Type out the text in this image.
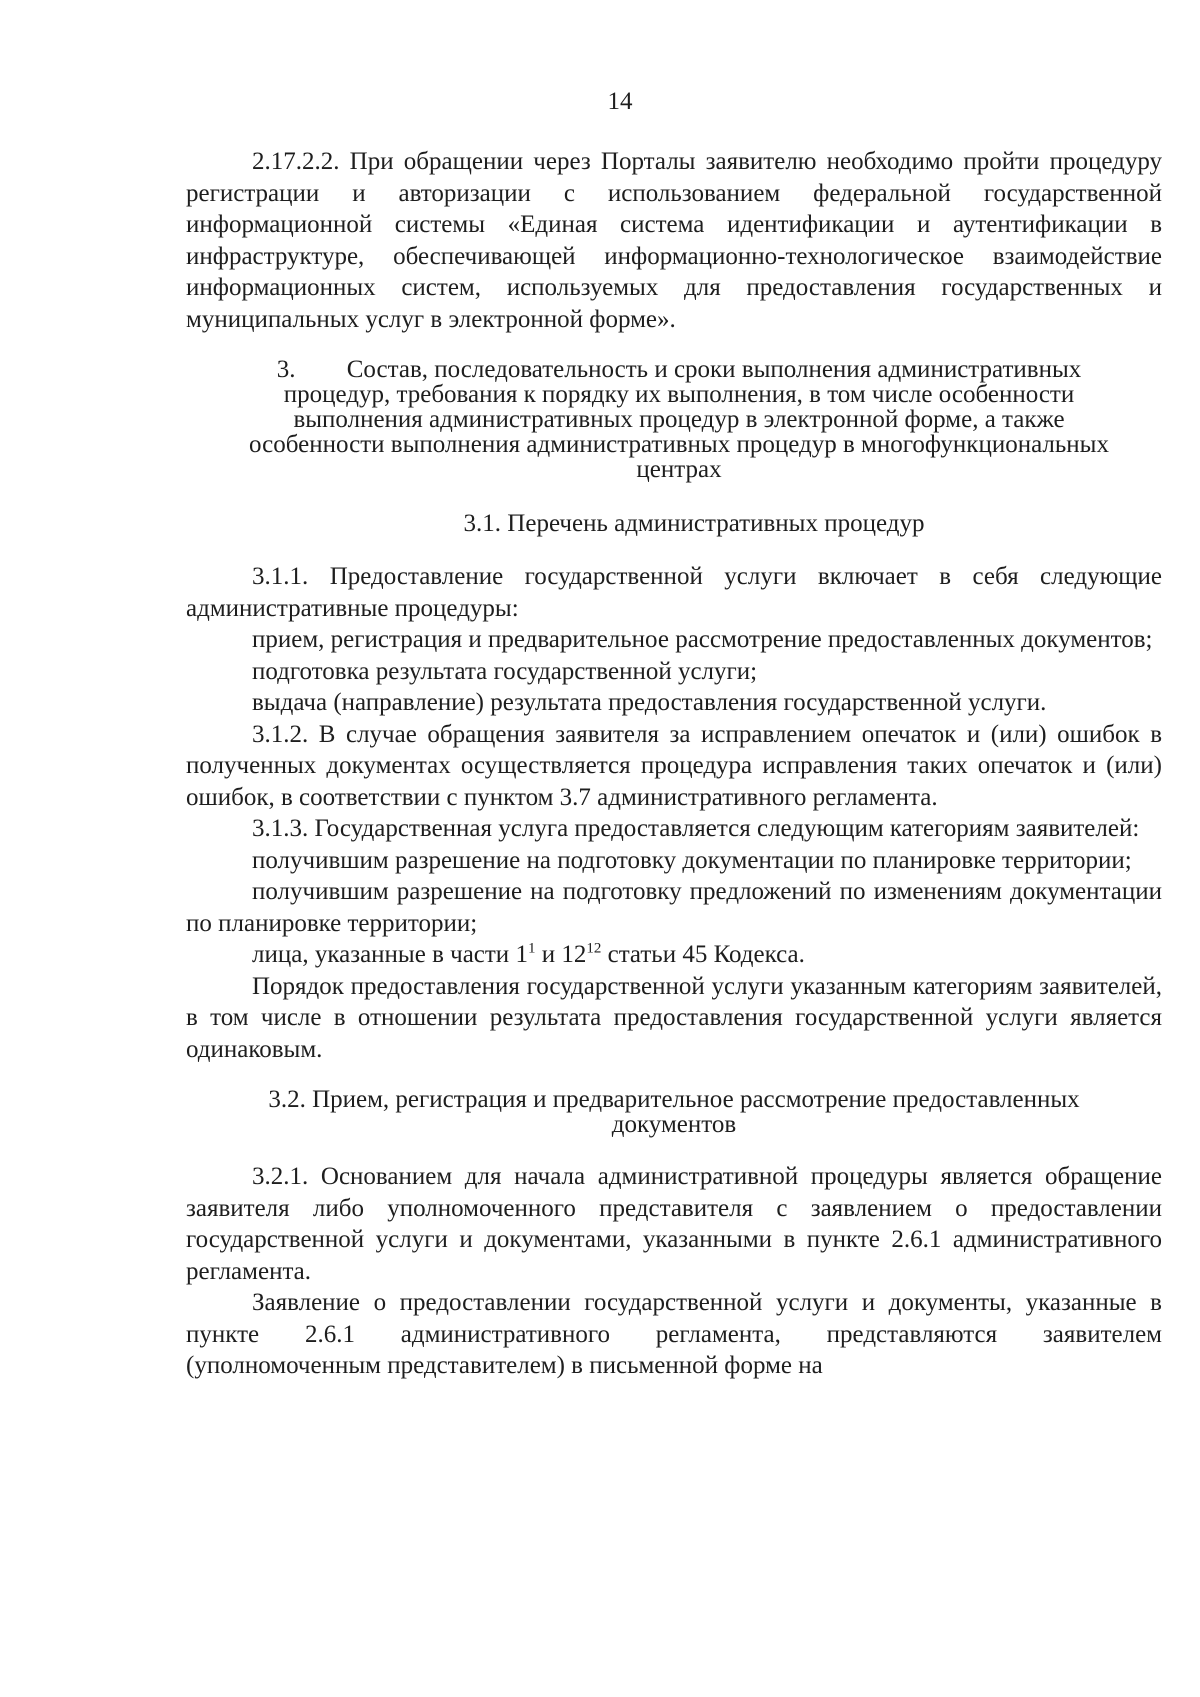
14

2.17.2.2. При обращении через Порталы заявителю необходимо пройти процедуру регистрации и авторизации с использованием федеральной государственной информационной системы «Единая система идентификации и аутентификации в инфраструктуре, обеспечивающей информационно-технологическое взаимодействие информационных систем, используемых для предоставления государственных и муниципальных услуг в электронной форме».

3. Состав, последовательность и сроки выполнения административных процедур, требования к порядку их выполнения, в том числе особенности выполнения административных процедур в электронной форме, а также особенности выполнения административных процедур в многофункциональных центрах
3.1. Перечень административных процедур

3.1.1. Предоставление государственной услуги включает в себя следующие административные процедуры:

прием, регистрация и предварительное рассмотрение предоставленных документов;

подготовка результата государственной услуги;

выдача (направление) результата предоставления государственной услуги.

3.1.2. В случае обращения заявителя за исправлением опечаток и (или) ошибок в полученных документах осуществляется процедура исправления таких опечаток и (или) ошибок, в соответствии с пунктом 3.7 административного регламента.

3.1.3. Государственная услуга предоставляется следующим категориям заявителей:

получившим разрешение на подготовку документации по планировке территории;

получившим разрешение на подготовку предложений по изменениям документации по планировке территории;

лица, указанные в части $1^1$ и $12^{12}$ статьи 45 Кодекса.

Порядок предоставления государственной услуги указанным категориям заявителей, в том числе в отношении результата предоставления государственной услуги является одинаковым.

3.2. Прием, регистрация и предварительное рассмотрение предоставленных документов

3.2.1. Основанием для начала административной процедуры является обращение заявителя либо уполномоченного представителя с заявлением о предоставлении государственной услуги и документами, указанными в пункте 2.6.1 административного регламента.

Заявление о предоставлении государственной услуги и документы, указанные в пункте 2.6.1 административного регламента, представляются заявителем (уполномоченным представителем) в письменной форме на
